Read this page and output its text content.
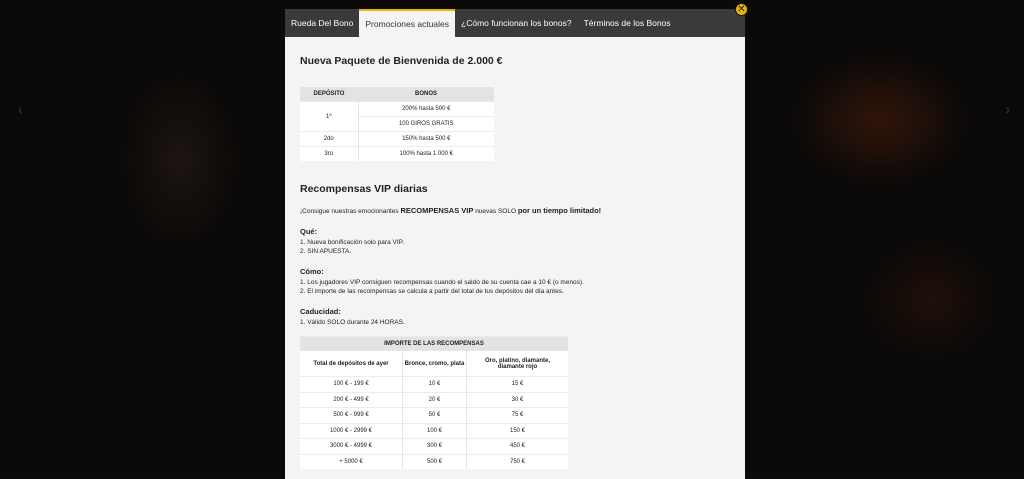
‹	›
Rueda Del Bono	Promociones actuales	¿Cómo funcionan los bonos?	Términos de los Bonos
Nueva Paquete de Bienvenida de 2.000 €
DEPÓSITO	BONOS
1º	200% hasta 500 €
	100 GIROS GRATIS
2do	150% hasta 500 €
3ro	100% hasta 1.000 €
Recompensas VIP diarias

¡Consigue nuestras emocionantes RECOMPENSAS VIP nuevas SOLO por un tiempo limitado!

Qué:
1. Nueva bonificación solo para VIP.
2. SIN APUESTA.

Cómo:
1. Los jugadores VIP consiguen recompensas cuando el saldo de su cuenta cae a 10 € (o menos).
2. El importe de las recompensas se calcula a partir del total de tus depósitos del día antes.

Caducidad:
1. Válido SOLO durante 24 HORAS.

IMPORTE DE LAS RECOMPENSAS		
Total de depósitos de ayer	Bronce, cromo, plata	Oro, platino, diamante, diamante rojo
100 € - 199 €	10 €	15 €
200 € - 499 €	20 €	30 €
500 € - 999 €	50 €	75 €
1000 € - 2999 €	100 €	150 €
3000 € - 4999 €	300 €	450 €
+ 5000 €	500 €	750 €
✕
